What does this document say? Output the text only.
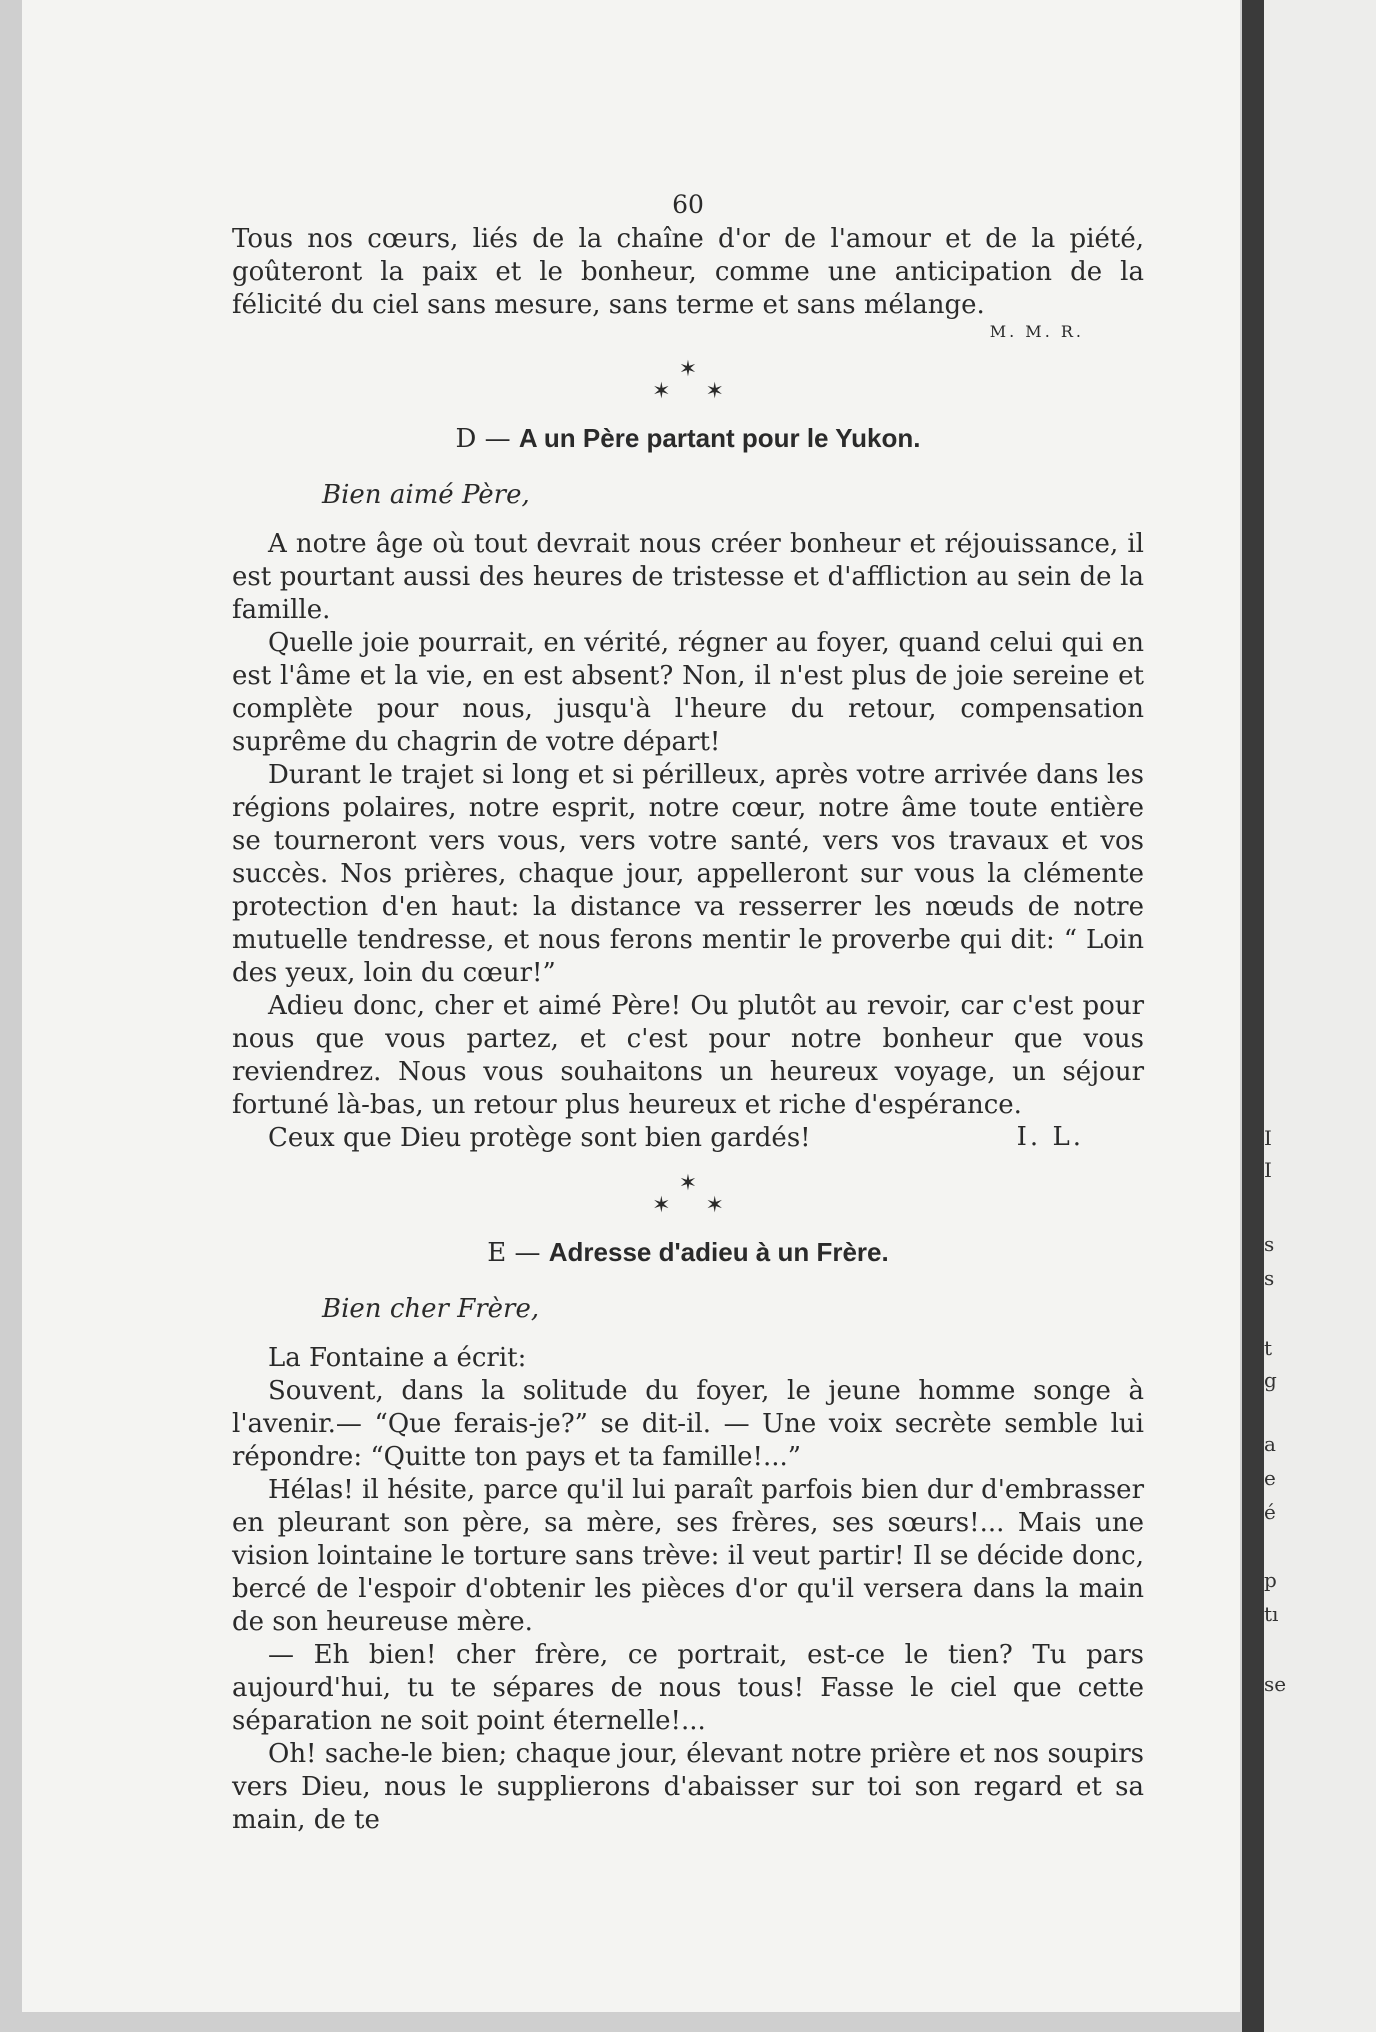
60

Tous nos cœurs, liés de la chaîne d'or de l'amour et de la piété, goûteront la paix et le bonheur, comme une anticipation de la félicité du ciel sans mesure, sans terme et sans mélange.

M. M. R.
✶
✶ ✶
D — A un Père partant pour le Yukon.
Bien aimé Père,

A notre âge où tout devrait nous créer bonheur et réjouissance, il est pourtant aussi des heures de tristesse et d'affliction au sein de la famille.

Quelle joie pourrait, en vérité, régner au foyer, quand celui qui en est l'âme et la vie, en est absent? Non, il n'est plus de joie sereine et complète pour nous, jusqu'à l'heure du retour, compensation suprême du chagrin de votre départ!

Durant le trajet si long et si périlleux, après votre arrivée dans les régions polaires, notre esprit, notre cœur, notre âme toute entière se tourneront vers vous, vers votre santé, vers vos travaux et vos succès. Nos prières, chaque jour, appelleront sur vous la clémente protection d'en haut: la distance va resserrer les nœuds de notre mutuelle tendresse, et nous ferons mentir le proverbe qui dit: “ Loin des yeux, loin du cœur!”

Adieu donc, cher et aimé Père! Ou plutôt au revoir, car c'est pour nous que vous partez, et c'est pour notre bonheur que vous reviendrez. Nous vous souhaitons un heureux voyage, un séjour fortuné là-bas, un retour plus heureux et riche d'espérance.

Ceux que Dieu protège sont bien gardés!	I. L.
✶
✶ ✶
E — Adresse d'adieu à un Frère.
Bien cher Frère,

La Fontaine a écrit:

Souvent, dans la solitude du foyer, le jeune homme songe à l'avenir.— “Que ferais-je?” se dit-il. — Une voix secrète semble lui répondre: “Quitte ton pays et ta famille!...”

Hélas! il hésite, parce qu'il lui paraît parfois bien dur d'embrasser en pleurant son père, sa mère, ses frères, ses sœurs!... Mais une vision lointaine le torture sans trève: il veut partir! Il se décide donc, bercé de l'espoir d'obtenir les pièces d'or qu'il versera dans la main de son heureuse mère.

— Eh bien! cher frère, ce portrait, est-ce le tien? Tu pars aujourd'hui, tu te sépares de nous tous! Fasse le ciel que cette séparation ne soit point éternelle!...

Oh! sache-le bien; chaque jour, élevant notre prière et nos soupirs vers Dieu, nous le supplierons d'abaisser sur toi son regard et sa main, de te

I
I
s
s
t
g
a
e
é
p
tı
se
